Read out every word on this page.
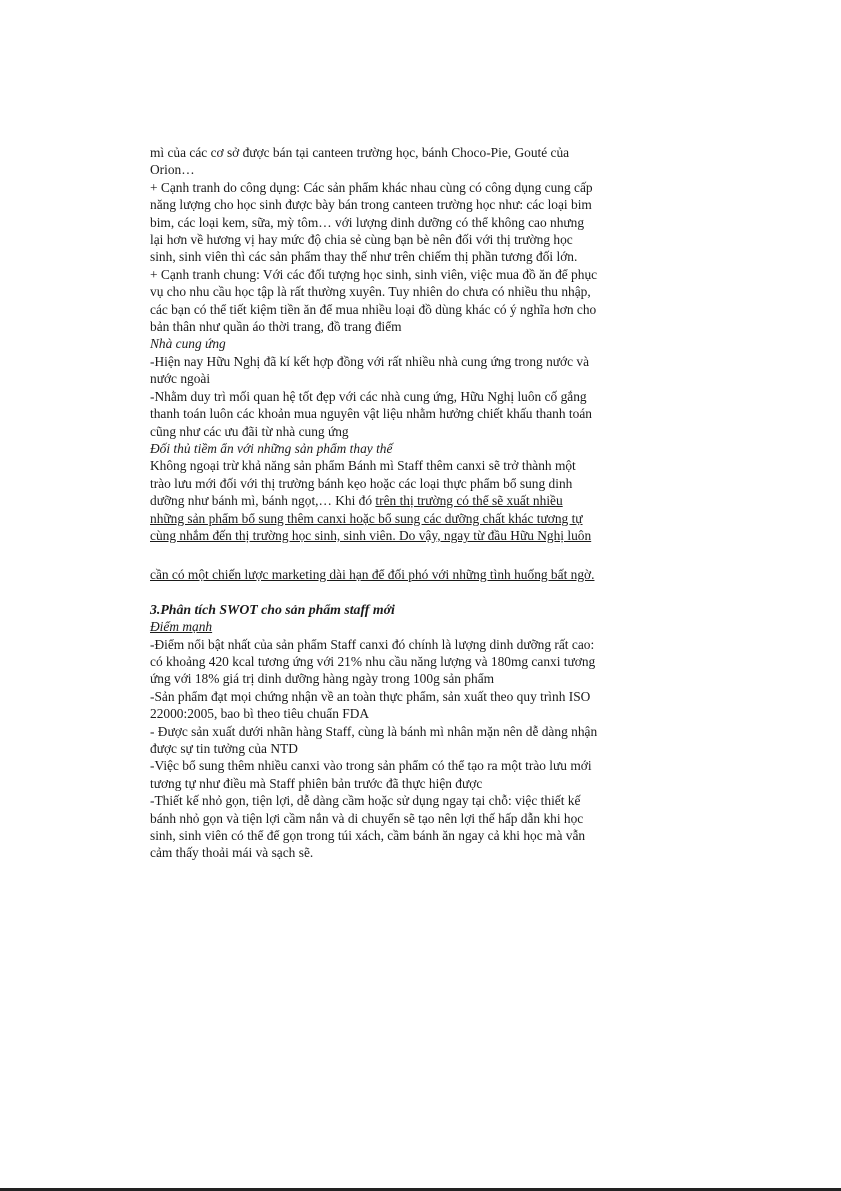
mì của các cơ sở được bán tại canteen trường học, bánh Choco-Pie, Gouté của
Orion…
+ Cạnh tranh do công dụng: Các sản phẩm khác nhau cùng có công dụng cung cấp
năng lượng cho học sinh được bày bán trong canteen trường học như: các loại bim
bim, các loại kem, sữa, mỳ tôm… với lượng dinh dưỡng có thể không cao nhưng
lại hơn về hương vị hay mức độ chia sẻ cùng bạn bè nên đối với thị trường học
sinh, sinh viên thì các sản phẩm thay thế như trên chiếm thị phần tương đối lớn.
+ Cạnh tranh chung: Với các đối tượng học sinh, sinh viên, việc mua đồ ăn để phục
vụ cho nhu cầu học tập là rất thường xuyên. Tuy nhiên do chưa có nhiều thu nhập,
các bạn có thể tiết kiệm tiền ăn để mua nhiều loại đồ dùng khác có ý nghĩa hơn cho
bản thân như quần áo thời trang, đồ trang điểm
Nhà cung ứng
-Hiện nay Hữu Nghị đã kí kết hợp đồng với rất nhiều nhà cung ứng trong nước và
nước ngoài
-Nhằm duy trì mối quan hệ tốt đẹp với các nhà cung ứng, Hữu Nghị luôn cố gắng
thanh toán luôn các khoản mua nguyên vật liệu nhằm hưởng chiết khấu thanh toán
cũng như các ưu đãi từ nhà cung ứng
Đối thủ tiềm ẩn với những sản phẩm thay thế
Không ngoại trừ khả năng sản phẩm Bánh mì Staff thêm canxi sẽ trở thành một
trào lưu mới đối với thị trường bánh kẹo hoặc các loại thực phẩm bổ sung dinh
dưỡng như bánh mì, bánh ngọt,… Khi đó trên thị trường có thể sẽ xuất nhiều
những sản phẩm bổ sung thêm canxi hoặc bổ sung các dưỡng chất khác tương tự
cùng nhắm đến thị trường học sinh, sinh viên. Do vậy, ngay từ đầu Hữu Nghị luôn
cần có một chiến lược marketing dài hạn để đối phó với những tình huống bất ngờ.
3.Phân tích SWOT cho sản phẩm staff mới
Điểm mạnh
-Điểm nổi bật nhất của sản phẩm Staff canxi đó chính là lượng dinh dưỡng rất cao:
có khoảng 420 kcal tương ứng với 21% nhu cầu năng lượng và 180mg canxi tương
ứng với 18% giá trị dinh dưỡng hàng ngày trong 100g sản phẩm
-Sản phẩm đạt mọi chứng nhận về an toàn thực phẩm, sản xuất theo quy trình ISO
22000:2005, bao bì theo tiêu chuẩn FDA
- Được sản xuất dưới nhãn hàng Staff, cùng là bánh mì nhân mặn nên dễ dàng nhận
được sự tin tưởng của NTD
-Việc bổ sung thêm nhiều canxi vào trong sản phẩm có thể tạo ra một trào lưu mới
tương tự như điều mà Staff phiên bản trước đã thực hiện được
-Thiết kế nhỏ gọn, tiện lợi, dễ dàng cầm hoặc sử dụng ngay tại chỗ: việc thiết kế
bánh nhỏ gọn và tiện lợi cầm nắn và di chuyển sẽ tạo nên lợi thế hấp dẫn khi học
sinh, sinh viên có thể để gọn trong túi xách, cầm bánh ăn ngay cả khi học mà vẫn
cảm thấy thoải mái và sạch sẽ.
